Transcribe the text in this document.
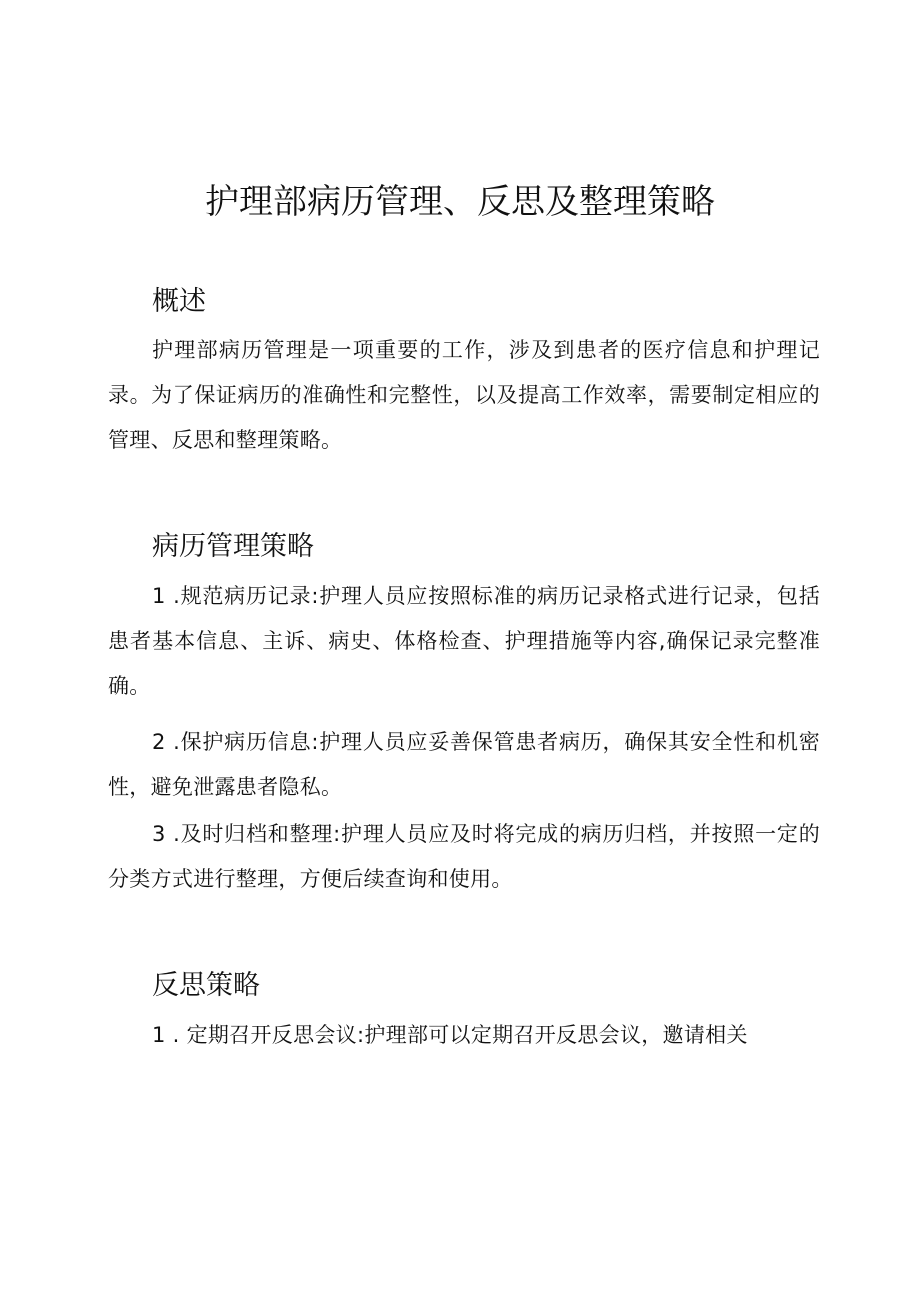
护理部病历管理、反思及整理策略
概述

护理部病历管理是一项重要的工作，涉及到患者的医疗信息和护理记录。为了保证病历的准确性和完整性，以及提高工作效率，需要制定相应的管理、反思和整理策略。

病历管理策略

1 .规范病历记录:护理人员应按照标准的病历记录格式进行记录，包括患者基本信息、主诉、病史、体格检查、护理措施等内容,确保记录完整准确。

2 .保护病历信息:护理人员应妥善保管患者病历，确保其安全性和机密性，避免泄露患者隐私。

3 .及时归档和整理:护理人员应及时将完成的病历归档，并按照一定的分类方式进行整理，方便后续查询和使用。

反思策略

1 . 定期召开反思会议:护理部可以定期召开反思会议，邀请相关
